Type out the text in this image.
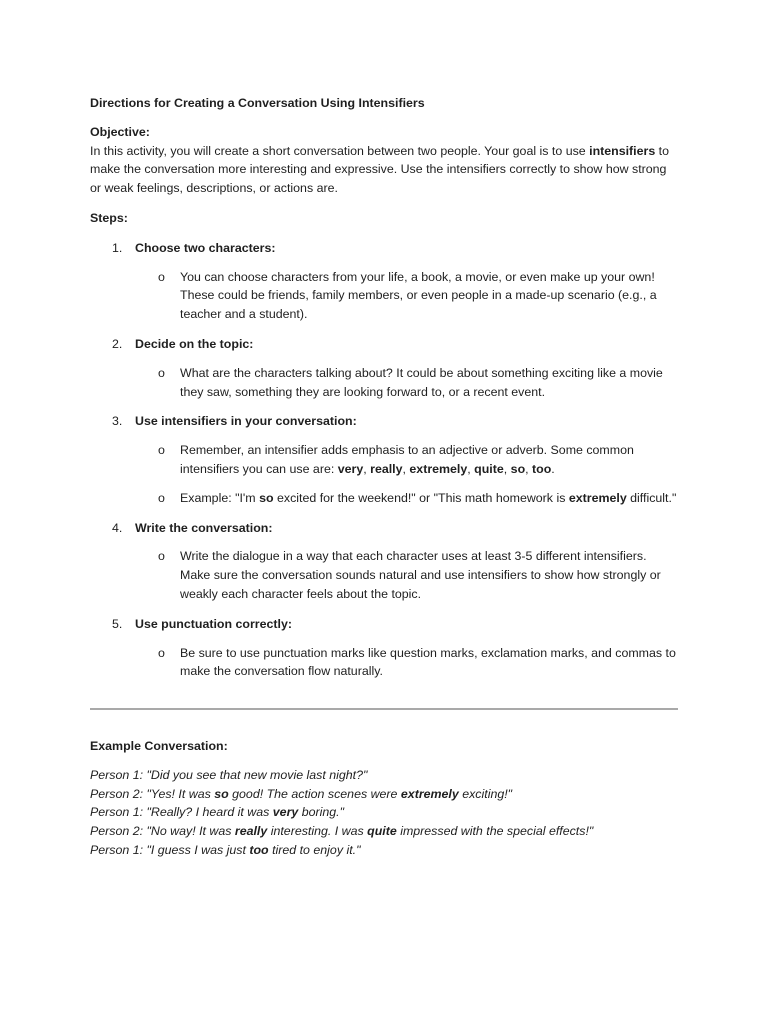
Directions for Creating a Conversation Using Intensifiers

Objective:

In this activity, you will create a short conversation between two people. Your goal is to use intensifiers to make the conversation more interesting and expressive. Use the intensifiers correctly to show how strong or weak feelings, descriptions, or actions are.

Steps:

1. Choose two characters:
o You can choose characters from your life, a book, a movie, or even make up your own! These could be friends, family members, or even people in a made-up scenario (e.g., a teacher and a student).
2. Decide on the topic:
o What are the characters talking about? It could be about something exciting like a movie they saw, something they are looking forward to, or a recent event.
3. Use intensifiers in your conversation:
o Remember, an intensifier adds emphasis to an adjective or adverb. Some common intensifiers you can use are: very, really, extremely, quite, so, too.
o Example: "I'm so excited for the weekend!" or "This math homework is extremely difficult."
4. Write the conversation:
o Write the dialogue in a way that each character uses at least 3-5 different intensifiers. Make sure the conversation sounds natural and use intensifiers to show how strongly or weakly each character feels about the topic.
5. Use punctuation correctly:
o Be sure to use punctuation marks like question marks, exclamation marks, and commas to make the conversation flow naturally.

Example Conversation:

Person 1: "Did you see that new movie last night?"

Person 2: "Yes! It was so good! The action scenes were extremely exciting!"

Person 1: "Really? I heard it was very boring."

Person 2: "No way! It was really interesting. I was quite impressed with the special effects!"

Person 1: "I guess I was just too tired to enjoy it."
